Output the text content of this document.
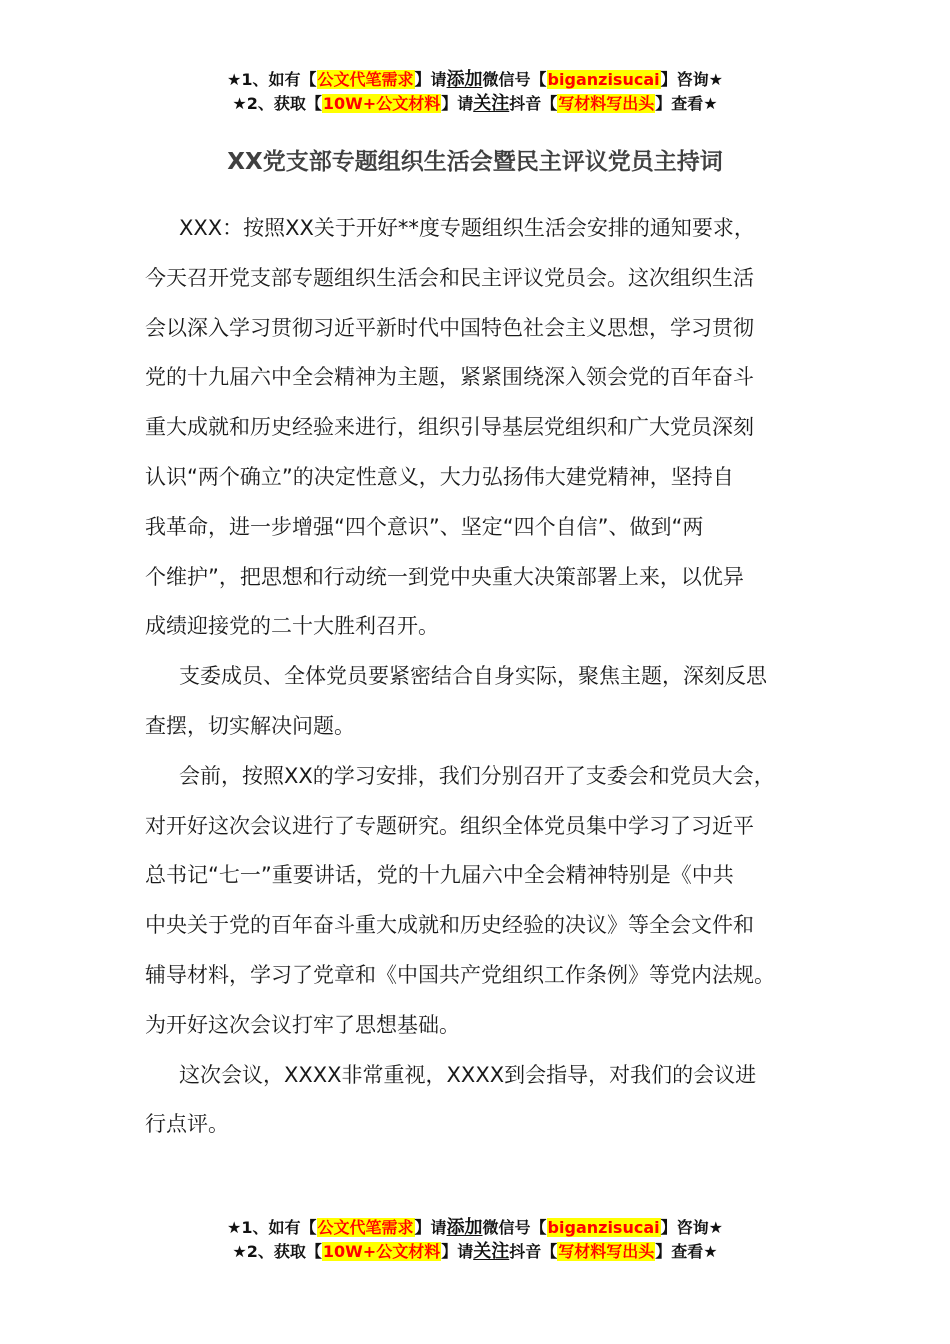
★1、如有【公文代笔需求】请添加微信号【biganzisucai】咨询★
★2、获取【10W+公文材料】请关注抖音【写材料写出头】查看★
XX党支部专题组织生活会暨民主评议党员主持词
XXX：按照XX关于开好**度专题组织生活会安排的通知要求，
今天召开党支部专题组织生活会和民主评议党员会。这次组织生活
会以深入学习贯彻习近平新时代中国特色社会主义思想，学习贯彻
党的十九届六中全会精神为主题，紧紧围绕深入领会党的百年奋斗
重大成就和历史经验来进行，组织引导基层党组织和广大党员深刻
认识“两个确立”的决定性意义，大力弘扬伟大建党精神，坚持自
我革命，进一步增强“四个意识”、坚定“四个自信”、做到“两
个维护”，把思想和行动统一到党中央重大决策部署上来，以优异
成绩迎接党的二十大胜利召开。
支委成员、全体党员要紧密结合自身实际，聚焦主题，深刻反思
查摆，切实解决问题。
会前，按照XX的学习安排，我们分别召开了支委会和党员大会，
对开好这次会议进行了专题研究。组织全体党员集中学习了习近平
总书记“七一”重要讲话，党的十九届六中全会精神特别是《中共
中央关于党的百年奋斗重大成就和历史经验的决议》等全会文件和
辅导材料，学习了党章和《中国共产党组织工作条例》等党内法规。
为开好这次会议打牢了思想基础。
这次会议，XXXX非常重视，XXXX到会指导，对我们的会议进
行点评。
★1、如有【公文代笔需求】请添加微信号【biganzisucai】咨询★
★2、获取【10W+公文材料】请关注抖音【写材料写出头】查看★
